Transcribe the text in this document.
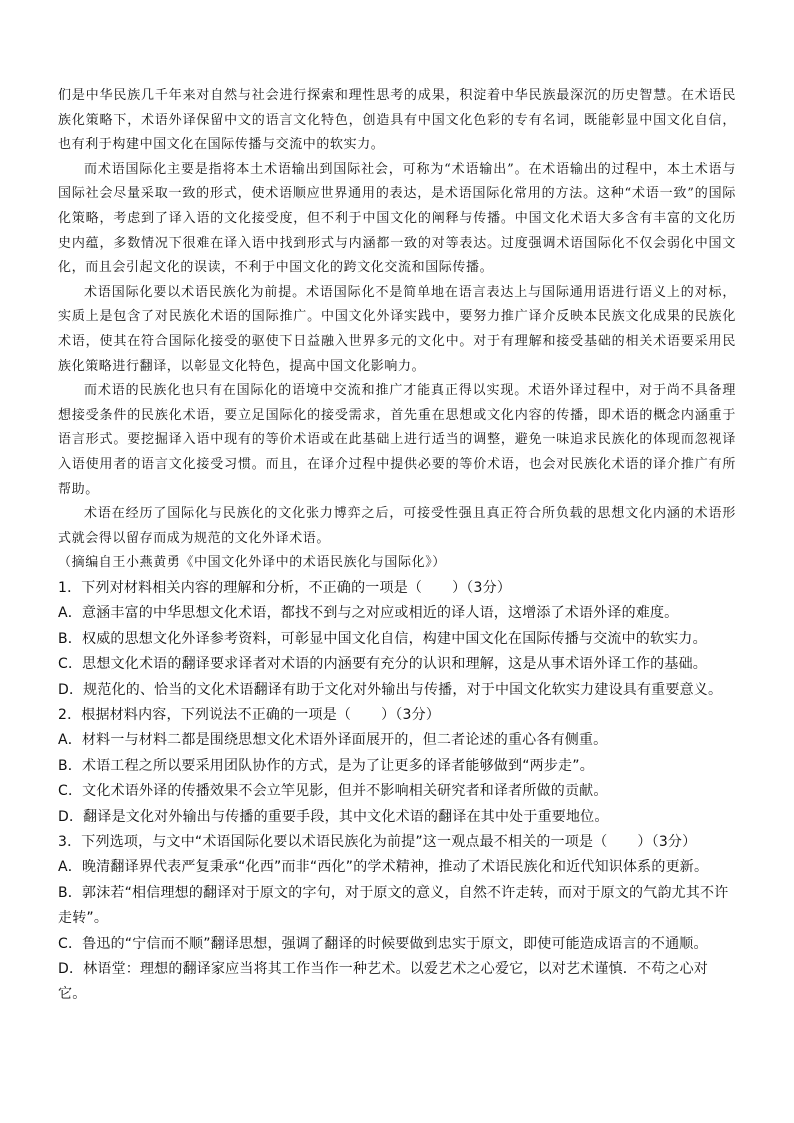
们是中华民族几千年来对自然与社会进行探索和理性思考的成果，积淀着中华民族最深沉的历史智慧。在术语民族化策略下，术语外译保留中文的语言文化特色，创造具有中国文化色彩的专有名词，既能彰显中国文化自信，也有利于构建中国文化在国际传播与交流中的软实力。

而术语国际化主要是指将本土术语输出到国际社会，可称为“术语输出”。在术语输出的过程中，本土术语与国际社会尽量采取一致的形式，使术语顺应世界通用的表达，是术语国际化常用的方法。这种“术语一致”的国际化策略，考虑到了译入语的文化接受度，但不利于中国文化的阐释与传播。中国文化术语大多含有丰富的文化历史内蕴，多数情况下很难在译入语中找到形式与内涵都一致的对等表达。过度强调术语国际化不仅会弱化中国文化，而且会引起文化的误读，不利于中国文化的跨文化交流和国际传播。

术语国际化要以术语民族化为前提。术语国际化不是简单地在语言表达上与国际通用语进行语义上的对标，实质上是包含了对民族化术语的国际推广。中国文化外译实践中，要努力推广译介反映本民族文化成果的民族化术语，使其在符合国际化接受的驱使下日益融入世界多元的文化中。对于有理解和接受基础的相关术语要采用民族化策略进行翻译，以彰显文化特色，提高中国文化影响力。

而术语的民族化也只有在国际化的语境中交流和推广才能真正得以实现。术语外译过程中，对于尚不具备理想接受条件的民族化术语，要立足国际化的接受需求，首先重在思想或文化内容的传播，即术语的概念内涵重于语言形式。要挖掘译入语中现有的等价术语或在此基础上进行适当的调整，避免一味追求民族化的体现而忽视译入语使用者的语言文化接受习惯。而且，在译介过程中提供必要的等价术语，也会对民族化术语的译介推广有所帮助。

术语在经历了国际化与民族化的文化张力博弈之后，可接受性强且真正符合所负载的思想文化内涵的术语形式就会得以留存而成为规范的文化外译术语。

（摘编自王小燕黄勇《中国文化外译中的术语民族化与国际化》）

1．下列对材料相关内容的理解和分析，不正确的一项是（ ）（3分）
A．意涵丰富的中华思想文化术语，都找不到与之对应或相近的译人语，这增添了术语外译的难度。
B．权威的思想文化外译参考资料，可彰显中国文化自信，构建中国文化在国际传播与交流中的软实力。
C．思想文化术语的翻译要求译者对术语的内涵要有充分的认识和理解，这是从事术语外译工作的基础。
D．规范化的、恰当的文化术语翻译有助于文化对外输出与传播，对于中国文化软实力建设具有重要意义。
2．根据材料内容，下列说法不正确的一项是（ ）（3分）
A．材料一与材料二都是围绕思想文化术语外译面展开的，但二者论述的重心各有侧重。
B．术语工程之所以要采用团队协作的方式，是为了让更多的译者能够做到“两步走”。
C．文化术语外译的传播效果不会立竿见影，但并不影响相关研究者和译者所做的贡献。
D．翻译是文化对外输出与传播的重要手段，其中文化术语的翻译在其中处于重要地位。
3．下列选项，与文中“术语国际化要以术语民族化为前提”这一观点最不相关的一项是（ ）（3分）
A．晚清翻译界代表严复秉承“化西”而非“西化”的学术精神，推动了术语民族化和近代知识体系的更新。
B．郭沫若“相信理想的翻译对于原文的字句，对于原文的意义，自然不许走转，而对于原文的气韵尤其不许走转”。
C．鲁迅的“宁信而不顺”翻译思想，强调了翻译的时候要做到忠实于原文，即使可能造成语言的不通顺。
D．林语堂：理想的翻译家应当将其工作当作一种艺术。以爱艺术之心爱它，以对艺术谨慎．不苟之心对它。
